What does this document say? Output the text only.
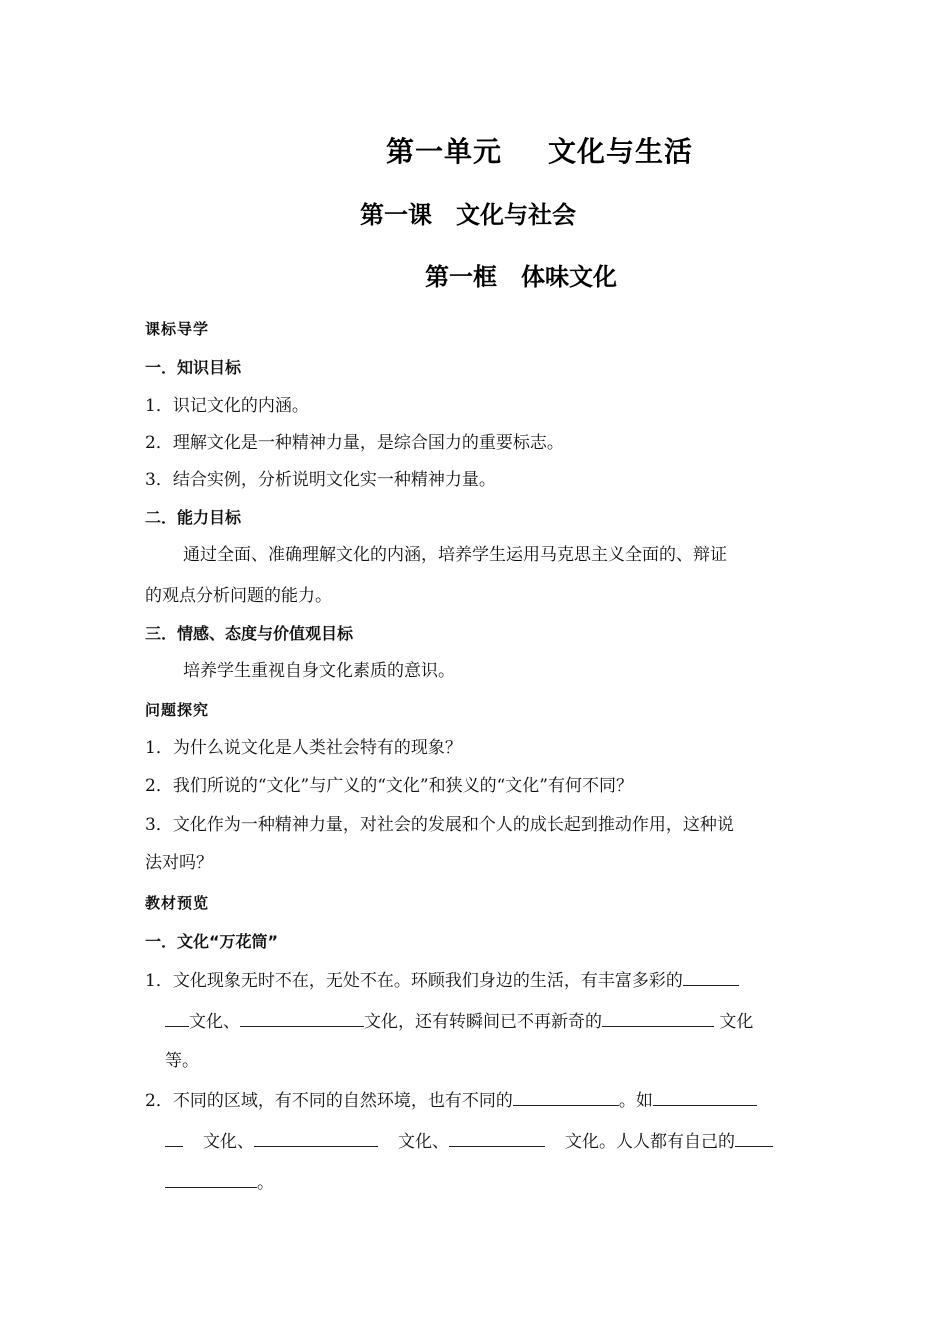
第一单元 文化与生活
第一课 文化与社会
第一框 体味文化
课标导学
一．知识目标
1．识记文化的内涵。
2．理解文化是一种精神力量，是综合国力的重要标志。
3．结合实例，分析说明文化实一种精神力量。
二．能力目标
通过全面、准确理解文化的内涵，培养学生运用马克思主义全面的、辩证
的观点分析问题的能力。
三．情感、态度与价值观目标
培养学生重视自身文化素质的意识。
问题探究
1．为什么说文化是人类社会特有的现象？
2．我们所说的“文化”与广义的“文化”和狭义的“文化”有何不同？
3．文化作为一种精神力量，对社会的发展和个人的成长起到推动作用，这种说
法对吗？
教材预览
一．文化“万花筒”
1．文化现象无时不在，无处不在。环顾我们身边的生活，有丰富多彩的
文化、	文化，还有转瞬间已不再新奇的	文化
等。
2．不同的区域，有不同的自然环境，也有不同的	。如
文化、	文化、	文化。人人都有自己的
。
